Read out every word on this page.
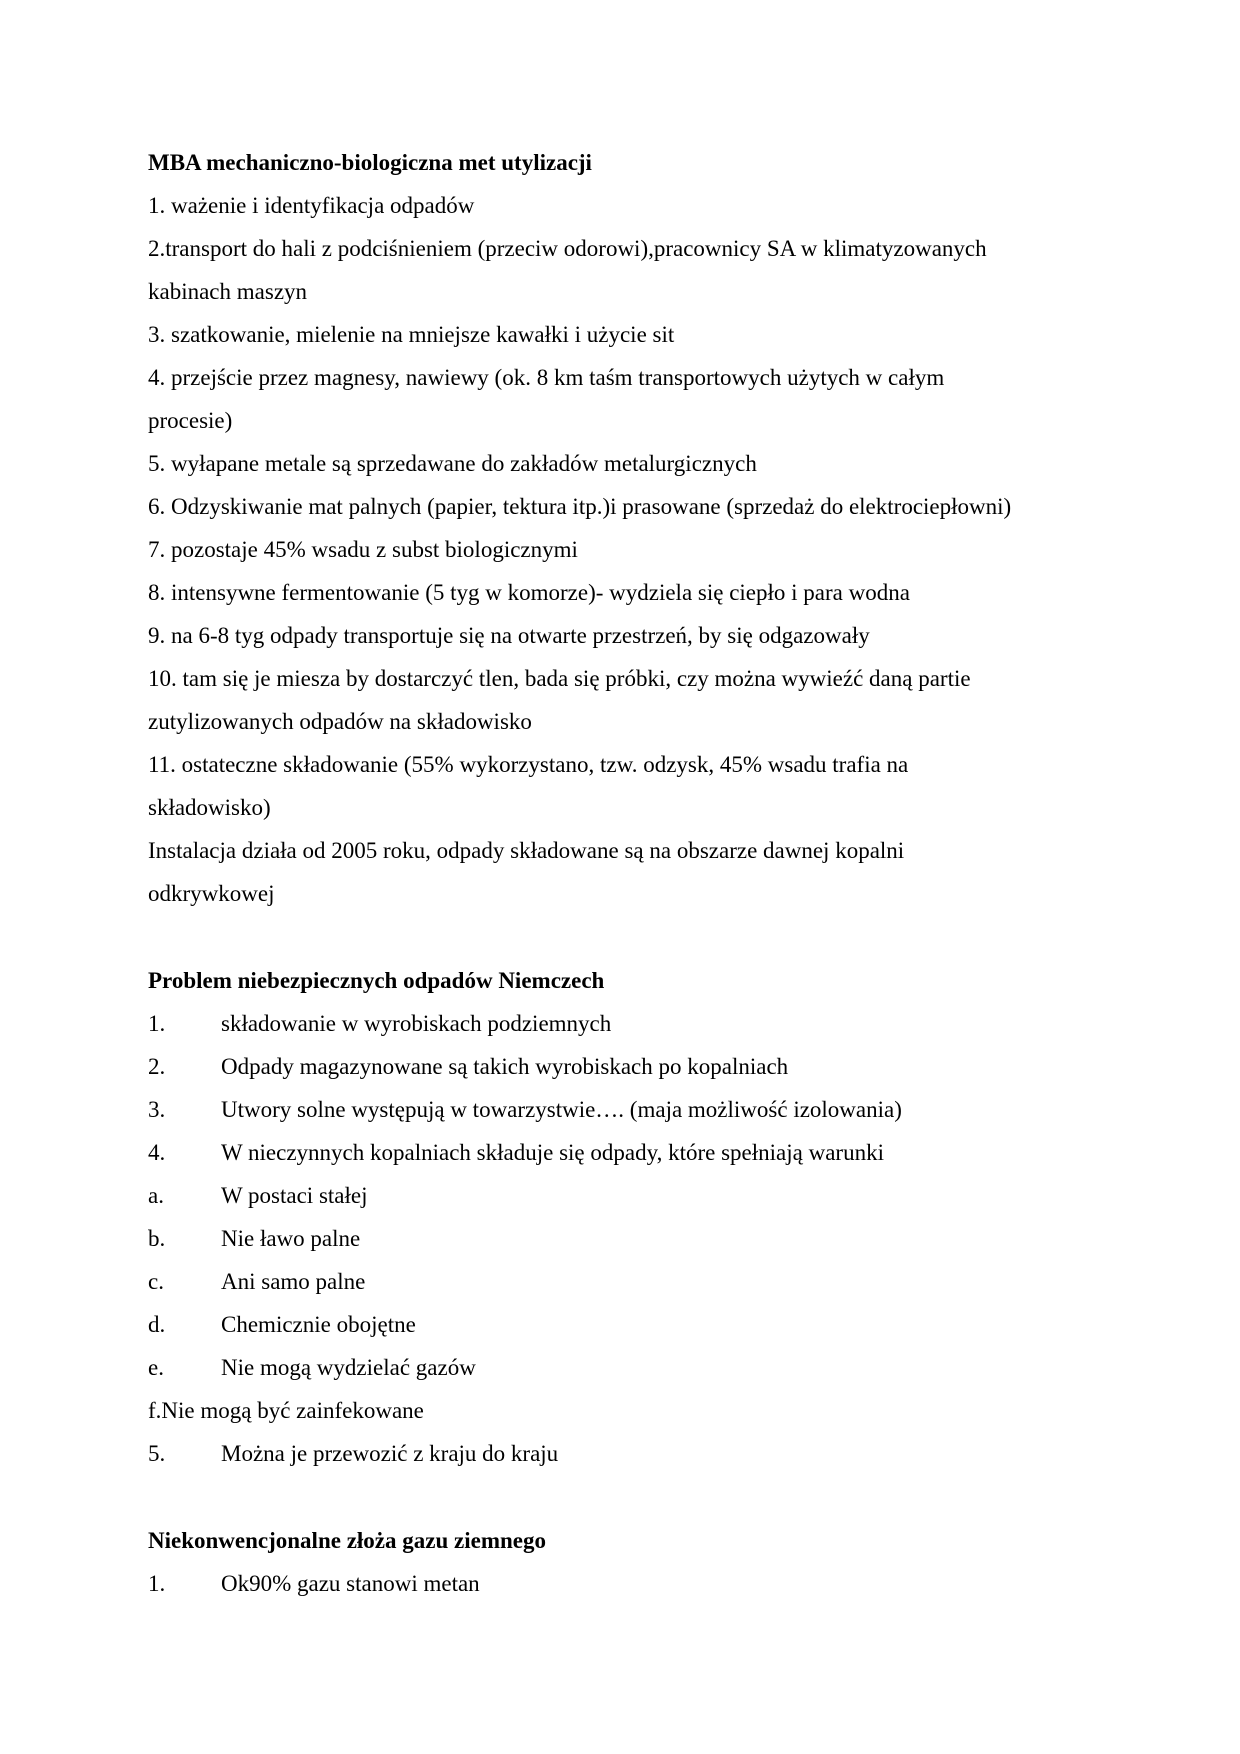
MBA mechaniczno-biologiczna met utylizacji
1. ważenie i identyfikacja odpadów
2.transport do hali z podciśnieniem (przeciw odorowi),pracownicy SA w klimatyzowanych
kabinach maszyn
3. szatkowanie, mielenie na mniejsze kawałki i użycie sit
4. przejście przez magnesy, nawiewy (ok. 8 km taśm transportowych użytych w całym
procesie)
5. wyłapane metale są sprzedawane do zakładów metalurgicznych
6. Odzyskiwanie mat palnych (papier, tektura itp.)i prasowane (sprzedaż do elektrociepłowni)
7. pozostaje 45% wsadu z subst biologicznymi
8. intensywne fermentowanie (5 tyg w komorze)- wydziela się ciepło i para wodna
9. na 6-8 tyg odpady transportuje się na otwarte przestrzeń, by się odgazowały
10. tam się je miesza by dostarczyć tlen, bada się próbki, czy można wywieźć daną partie
zutylizowanych odpadów na składowisko
11. ostateczne składowanie (55% wykorzystano, tzw. odzysk, 45% wsadu trafia na
składowisko)
Instalacja działa od 2005 roku, odpady składowane są na obszarze dawnej kopalni
odkrywkowej
Problem niebezpiecznych odpadów Niemczech
1. składowanie w wyrobiskach podziemnych
2. Odpady magazynowane są takich wyrobiskach po kopalniach
3. Utwory solne występują w towarzystwie…. (maja możliwość izolowania)
4. W nieczynnych kopalniach składuje się odpady, które spełniają warunki
a. W postaci stałej
b. Nie ławo palne
c. Ani samo palne
d. Chemicznie obojętne
e. Nie mogą wydzielać gazów
f.Nie mogą być zainfekowane
5. Można je przewozić z kraju do kraju
Niekonwencjonalne złoża gazu ziemnego
1. Ok90% gazu stanowi metan
